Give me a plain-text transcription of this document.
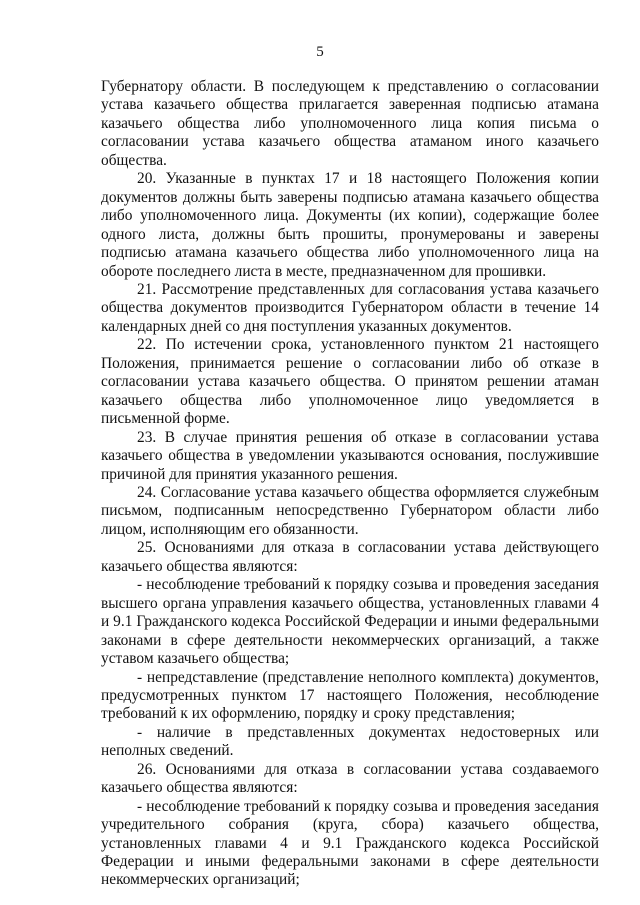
5

Губернатору области. В последующем к представлению о согласовании устава казачьего общества прилагается заверенная подписью атамана казачьего общества либо уполномоченного лица копия письма о согласовании устава казачьего общества атаманом иного казачьего общества.

20. Указанные в пунктах 17 и 18 настоящего Положения копии документов должны быть заверены подписью атамана казачьего общества либо уполномоченного лица. Документы (их копии), содержащие более одного листа, должны быть прошиты, пронумерованы и заверены подписью атамана казачьего общества либо уполномоченного лица на обороте последнего листа в месте, предназначенном для прошивки.

21. Рассмотрение представленных для согласования устава казачьего общества документов производится Губернатором области в течение 14 календарных дней со дня поступления указанных документов.

22. По истечении срока, установленного пунктом 21 настоящего Положения, принимается решение о согласовании либо об отказе в согласовании устава казачьего общества. О принятом решении атаман казачьего общества либо уполномоченное лицо уведомляется в письменной форме.

23. В случае принятия решения об отказе в согласовании устава казачьего общества в уведомлении указываются основания, послужившие причиной для принятия указанного решения.

24. Согласование устава казачьего общества оформляется служебным письмом, подписанным непосредственно Губернатором области либо лицом, исполняющим его обязанности.

25. Основаниями для отказа в согласовании устава действующего казачьего общества являются:

- несоблюдение требований к порядку созыва и проведения заседания высшего органа управления казачьего общества, установленных главами 4 и 9.1 Гражданского кодекса Российской Федерации и иными федеральными законами в сфере деятельности некоммерческих организаций, а также уставом казачьего общества;

- непредставление (представление неполного комплекта) документов, предусмотренных пунктом 17 настоящего Положения, несоблюдение требований к их оформлению, порядку и сроку представления;

- наличие в представленных документах недостоверных или неполных сведений.

26. Основаниями для отказа в согласовании устава создаваемого казачьего общества являются:

- несоблюдение требований к порядку созыва и проведения заседания учредительного собрания (круга, сбора) казачьего общества, установленных главами 4 и 9.1 Гражданского кодекса Российской Федерации и иными федеральными законами в сфере деятельности некоммерческих организаций;
